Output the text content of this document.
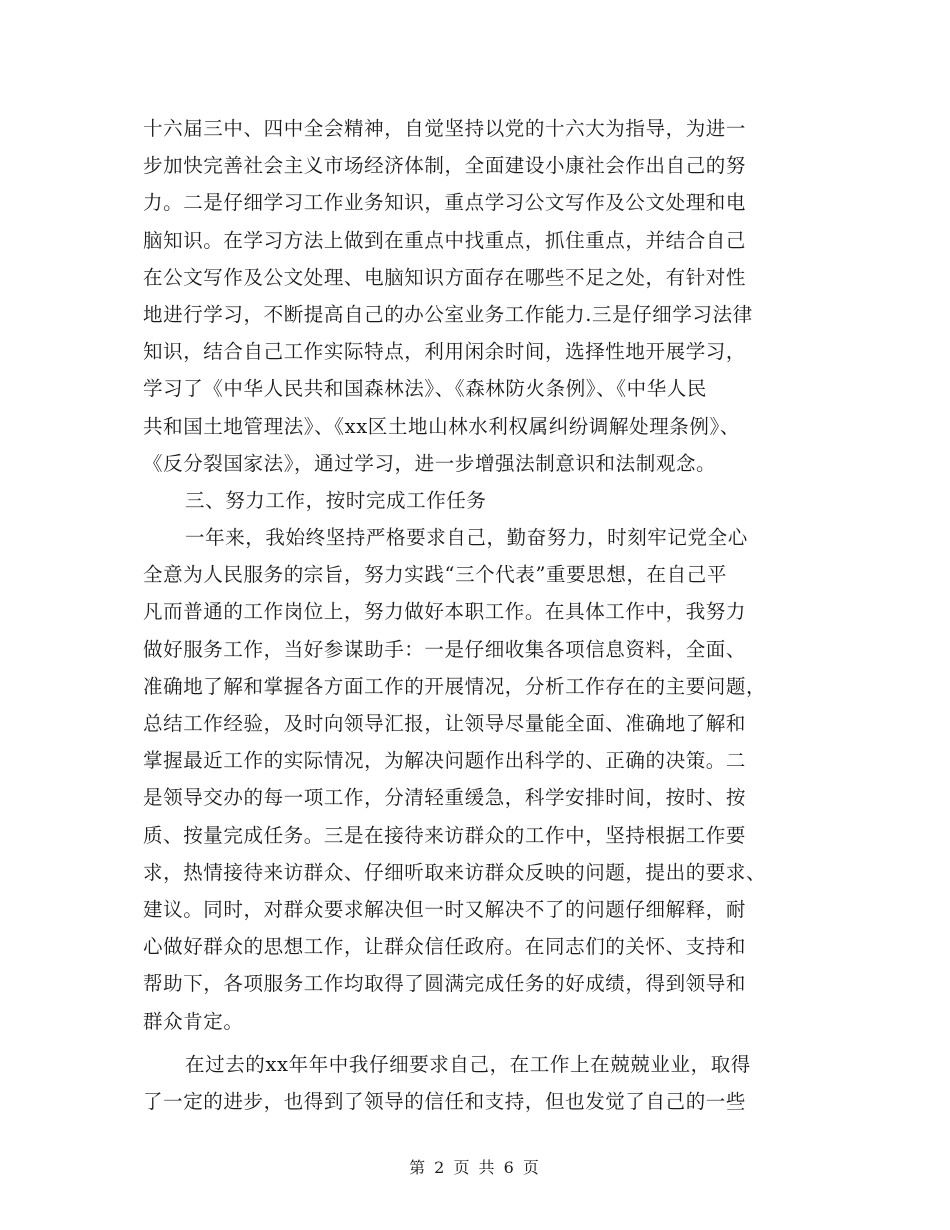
十六届三中、四中全会精神，自觉坚持以党的十六大为指导，为进一
步加快完善社会主义市场经济体制，全面建设小康社会作出自己的努
力。二是仔细学习工作业务知识，重点学习公文写作及公文处理和电
脑知识。在学习方法上做到在重点中找重点，抓住重点，并结合自己
在公文写作及公文处理、电脑知识方面存在哪些不足之处，有针对性
地进行学习，不断提高自己的办公室业务工作能力.三是仔细学习法律
知识，结合自己工作实际特点，利用闲余时间，选择性地开展学习，
学习了《中华人民共和国森林法》、《森林防火条例》、《中华人民
共和国土地管理法》、《xx区土地山林水利权属纠纷调解处理条例》、
《反分裂国家法》，通过学习，进一步增强法制意识和法制观念。
三、努力工作，按时完成工作任务
一年来，我始终坚持严格要求自己，勤奋努力，时刻牢记党全心
全意为人民服务的宗旨，努力实践“三个代表”重要思想，在自己平
凡而普通的工作岗位上，努力做好本职工作。在具体工作中，我努力
做好服务工作，当好参谋助手：一是仔细收集各项信息资料，全面、
准确地了解和掌握各方面工作的开展情况，分析工作存在的主要问题，
总结工作经验，及时向领导汇报，让领导尽量能全面、准确地了解和
掌握最近工作的实际情况，为解决问题作出科学的、正确的决策。二
是领导交办的每一项工作，分清轻重缓急，科学安排时间，按时、按
质、按量完成任务。三是在接待来访群众的工作中，坚持根据工作要
求，热情接待来访群众、仔细听取来访群众反映的问题，提出的要求、
建议。同时，对群众要求解决但一时又解决不了的问题仔细解释，耐
心做好群众的思想工作，让群众信任政府。在同志们的关怀、支持和
帮助下，各项服务工作均取得了圆满完成任务的好成绩，得到领导和
群众肯定。
在过去的xx年年中我仔细要求自己，在工作上在兢兢业业，取得
了一定的进步，也得到了领导的信任和支持，但也发觉了自己的一些
第 2 页 共 6 页
